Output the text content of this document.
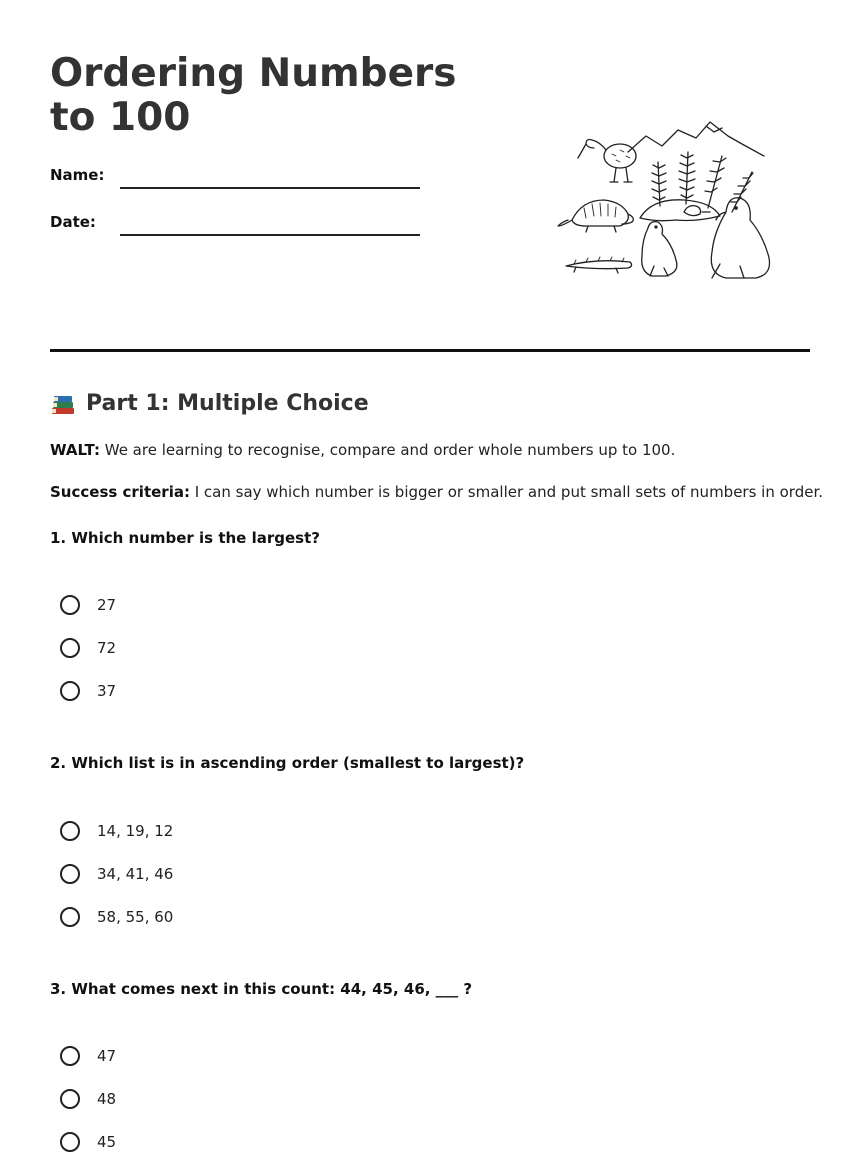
Ordering Numbers to 100
Name:
Date:
Part 1: Multiple Choice
WALT: We are learning to recognise, compare and order whole numbers up to 100.
Success criteria: I can say which number is bigger or smaller and put small sets of numbers in order.
1. Which number is the largest?
27
72
37
2. Which list is in ascending order (smallest to largest)?
14, 19, 12
34, 41, 46
58, 55, 60
3. What comes next in this count: 44, 45, 46, ___ ?
47
48
45
